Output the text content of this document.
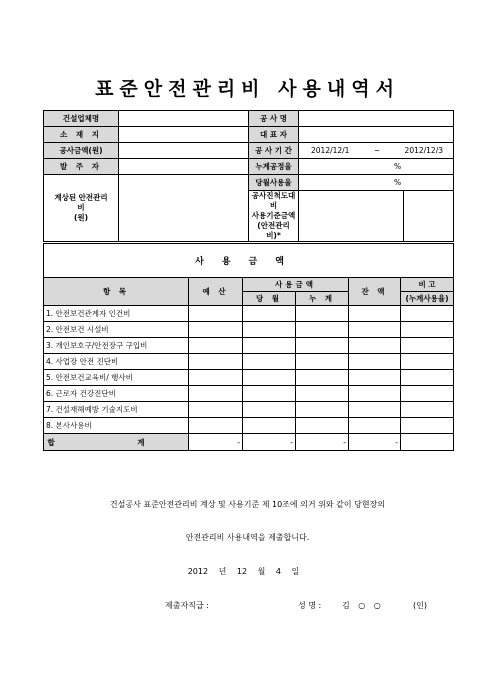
표준안전관리비 사용내역서
건설업체명		공 사 명		
소 재 지		대 표 자		
공사금액(원)		공 사 기 간	2012/12/1 ~ 2012/12/3	
발 주 자		누계공정율	%	

계상된 안전관리
비
(원)		당월사용율	%	

		공사진척도대
비
사용기준금액
(안전관리비)*		

사용금액					
항 목	예 산	사용금액		잔 액	비 고
		당 월	누 계		(누계사용율)
1. 안전보건관계자 인건비					
2. 안전보건 시설비					
3. 개인보호구/안전장구 구입비					
4. 사업장 안전 진단비					
5. 안전보건교육비/ 행사비					
6. 근로자 건강진단비					
7. 건설재해예방 기술지도비					
8. 본사사용비					
합 계	-	-	-	-	
건설공사 표준안전관리비 계상 및 사용기준 제 10조에 의거 위와 같이 당현장의
안전관리비 사용내역을 제출합니다.
2012 년 12 월 4 일
제출자직급 :	성 명 :	김 ○ ○	(인)
